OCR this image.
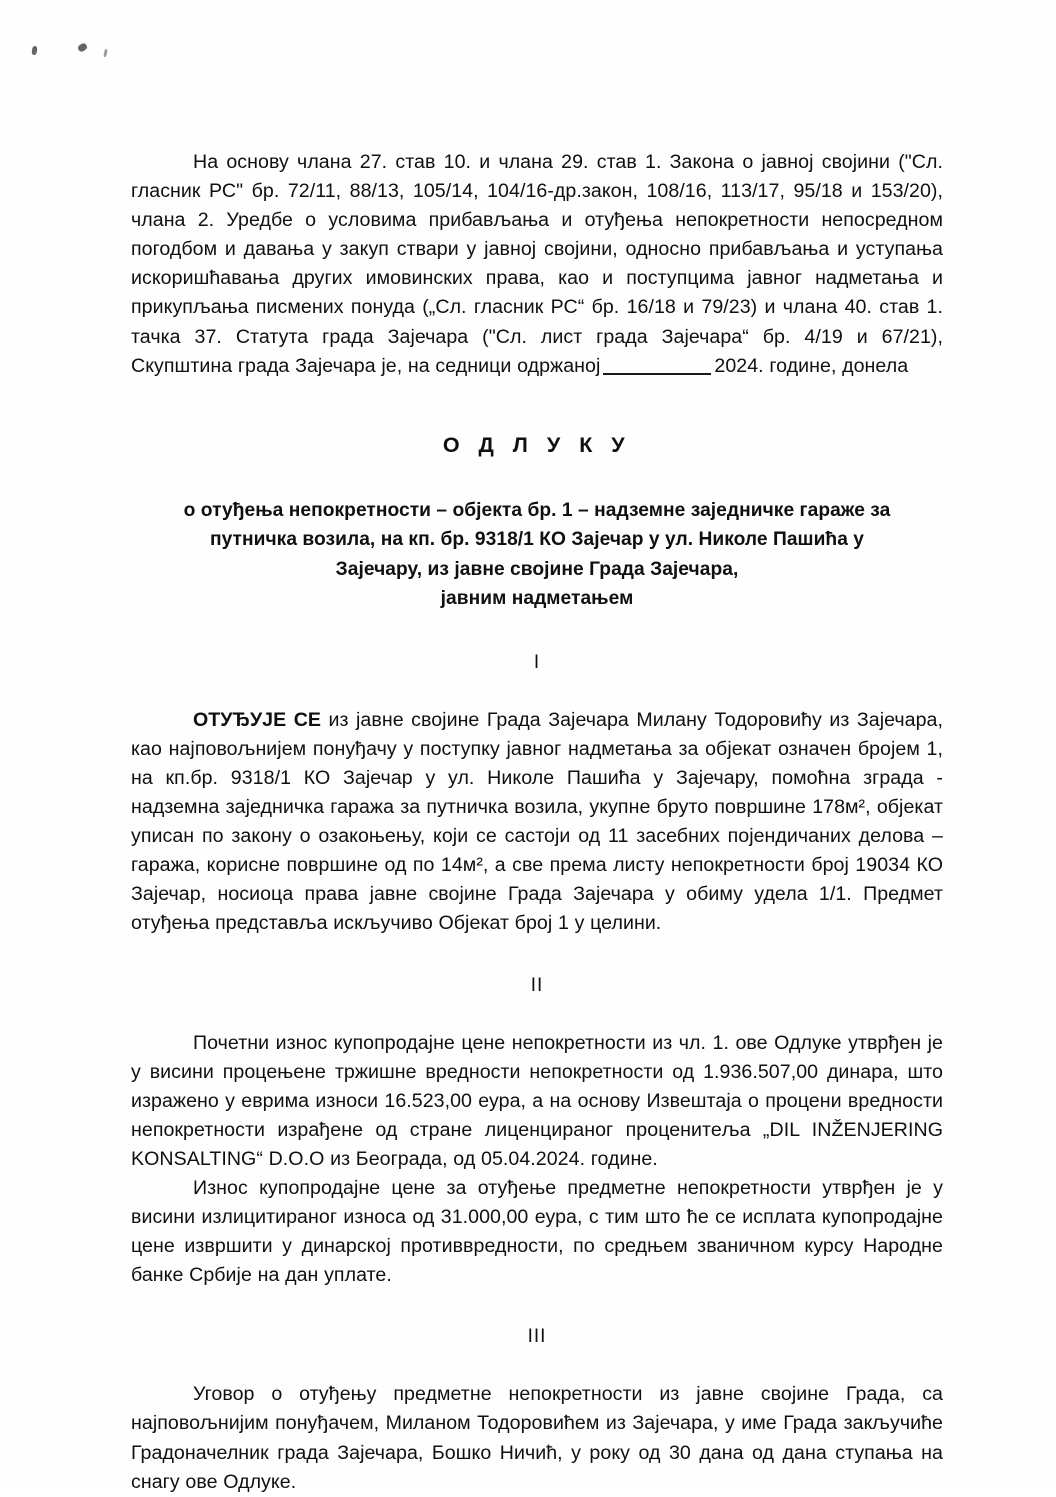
На основу члана 27. став 10. и члана 29. став 1. Закона о јавној својини ("Сл. гласник РС" бр. 72/11, 88/13, 105/14, 104/16-др.закон, 108/16, 113/17, 95/18 и 153/20), члана 2. Уредбе о условима прибављања и отуђења непокретности непосредном погодбом и давања у закуп ствари у јавној својини, односно прибављања и уступања искоришћавања других имовинских права, као и поступцима јавног надметања и прикупљања писмених понуда („Сл. гласник РС“ бр. 16/18 и 79/23) и члана 40. став 1. тачка 37. Статута града Зајечара ("Сл. лист града Зајечара“ бр. 4/19 и 67/21), Скупштина града Зајечара је, на седници одржаној	2024. године, донела

О Д Л У К У
о отуђења непокретности – објекта бр. 1 – надземне заједничке гараже за
путничка возила, на кп. бр. 9318/1 КО Зајечар у ул. Николе Пашића у
Зајечару, из јавне својине Града Зајечара,
јавним надметањем
I

ОТУЂУЈЕ СЕ из јавне својине Града Зајечара Милану Тодоровићу из Зајечара, као најповољнијем понуђачу у поступку јавног надметања за објекат означен бројем 1, на кп.бр. 9318/1 КО Зајечар у ул. Николе Пашића у Зајечару, помоћна зграда - надземна заједничка гаража за путничка возила, укупне бруто површине 178м², објекат уписан по закону о озакоњењу, који се састоји од 11 засебних појендичаних делова – гаража, корисне површине од по 14м², а све према листу непокретности број 19034 КО Зајечар, носиоца права јавне својине Града Зајечара у обиму удела 1/1. Предмет отуђења представља искључиво Објекат број 1 у целини.

II

Почетни износ купопродајне цене непокретности из чл. 1. ове Одлуке утврђен је у висини процењене тржишне вредности непокретности од 1.936.507,00 динара, што изражено у еврима износи 16.523,00 еура, а на основу Извештаја о процени вредности непокретности израђене од стране лиценцираног проценитеља „DIL INŽENJERING KONSALTING“ D.O.O из Београда, од 05.04.2024. године.

Износ купопродајне цене за отуђење предметне непокретности утврђен је у висини излицитираног износа од 31.000,00 еура, с тим што ће се исплата купопродајне цене извршити у динарској противвредности, по средњем званичном курсу Народне банке Србије на дан уплате.

III

Уговор о отуђењу предметне непокретности из јавне својине Града, са најповољнијим понуђачем, Миланом Тодоровићем из Зајечара, у име Града закључиће Градоначелник града Зајечара, Бошко Ничић, у року од 30 дана од дана ступања на снагу ове Одлуке.
